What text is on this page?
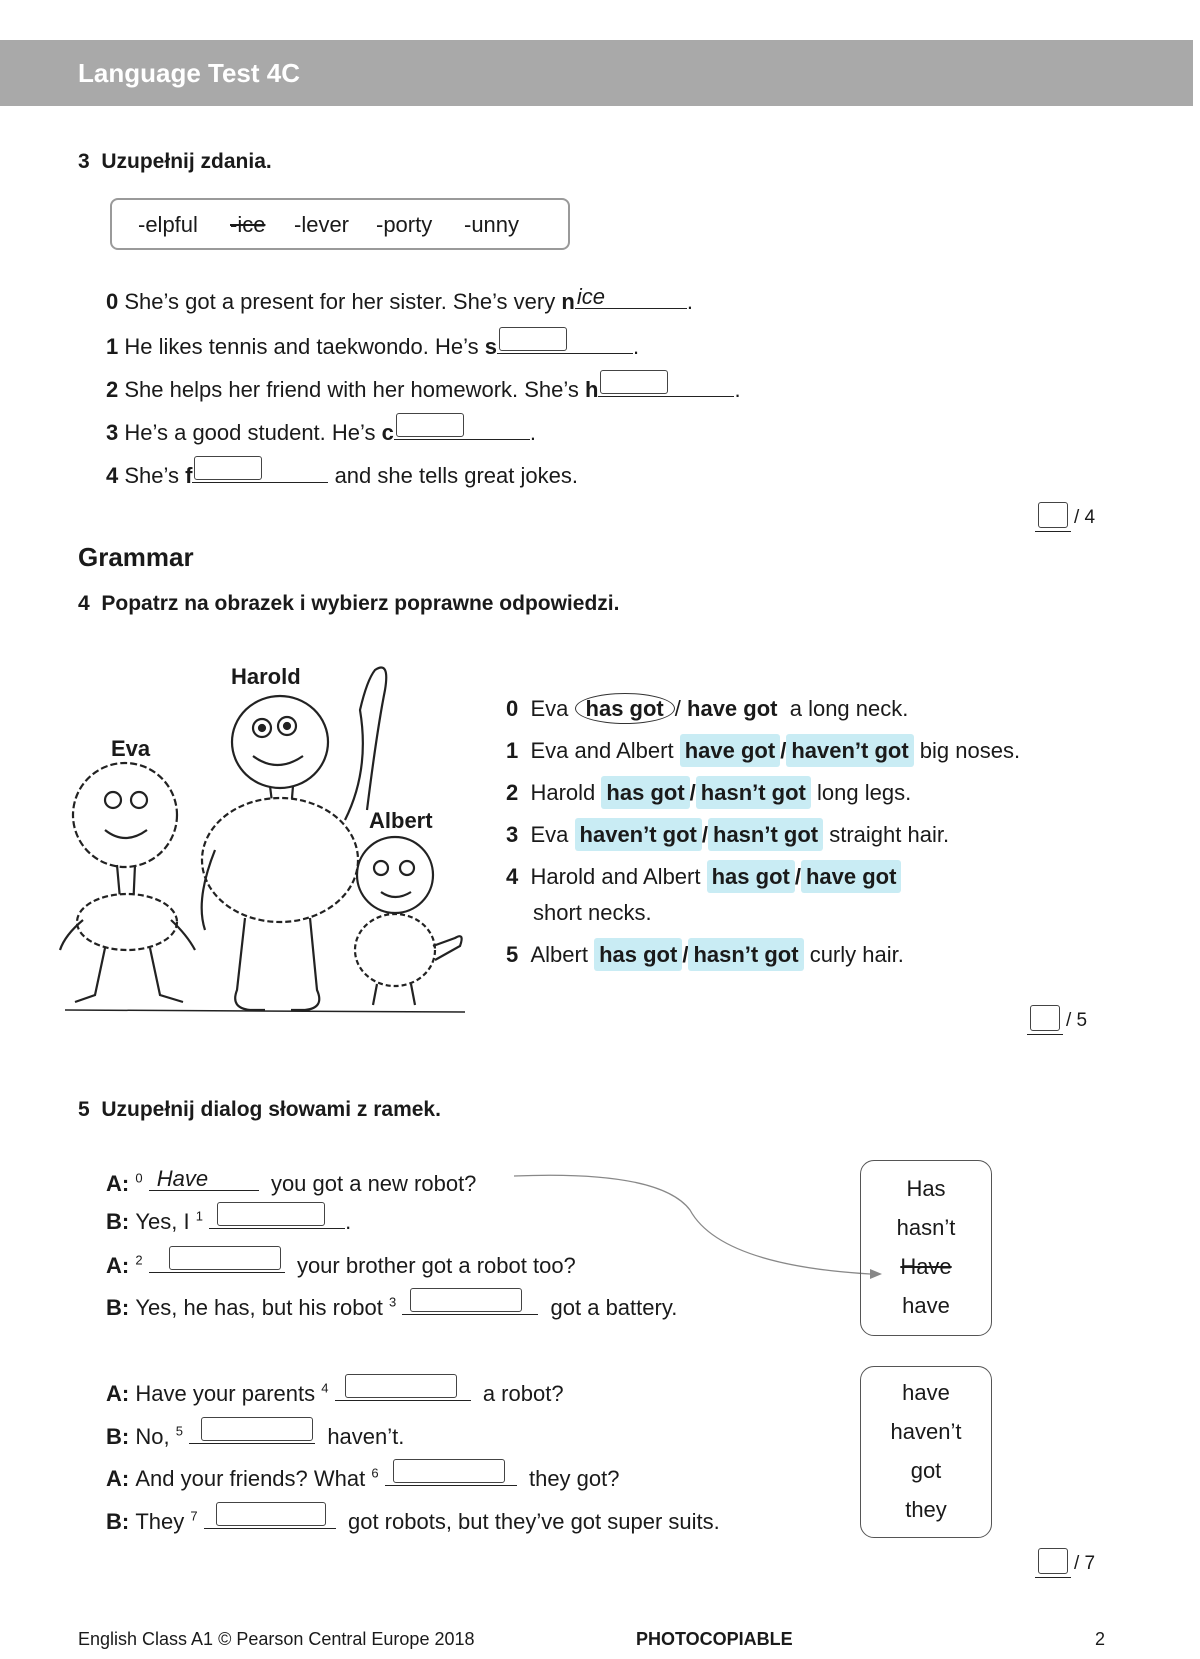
Language Test 4C
3 Uzupełnij zdania.
-elpful -ice -lever -porty -unny
0 She’s got a present for her sister. She’s very n ice	.
1 He likes tennis and taekwondo. He’s s	.
2 She helps her friend with her homework. She’s h	.
3 He’s a good student. He’s c	.
4 She’s f	and she tells great jokes.
/ 4
Grammar
4 Popatrz na obrazek i wybierz poprawne odpowiedzi.
Harold
Eva
Albert
0 Eva has got / have got a long neck.
1 Eva and Albert have got / haven’t got big noses.
2 Harold has got / hasn’t got long legs.
3 Eva haven’t got / hasn’t got straight hair.
4 Harold and Albert has got / have got
short necks.
5 Albert has got / hasn’t got curly hair.
/ 5
5 Uzupełnij dialog słowami z ramek.
A: $^0$ Have	you got a new robot?
B: Yes, I $^1$	.
A: $^2$	your brother got a robot too?
B: Yes, he has, but his robot $^3$	got a battery.
Has
hasn’t
Have
have
A: Have your parents $^4$	a robot?
B: No, $^5$	haven’t.
A: And your friends? What $^6$	they got?
B: They $^7$	got robots, but they’ve got super suits.
have
haven’t
got
they
/ 7
English Class A1 © Pearson Central Europe 2018	PHOTOCOPIABLE	2
